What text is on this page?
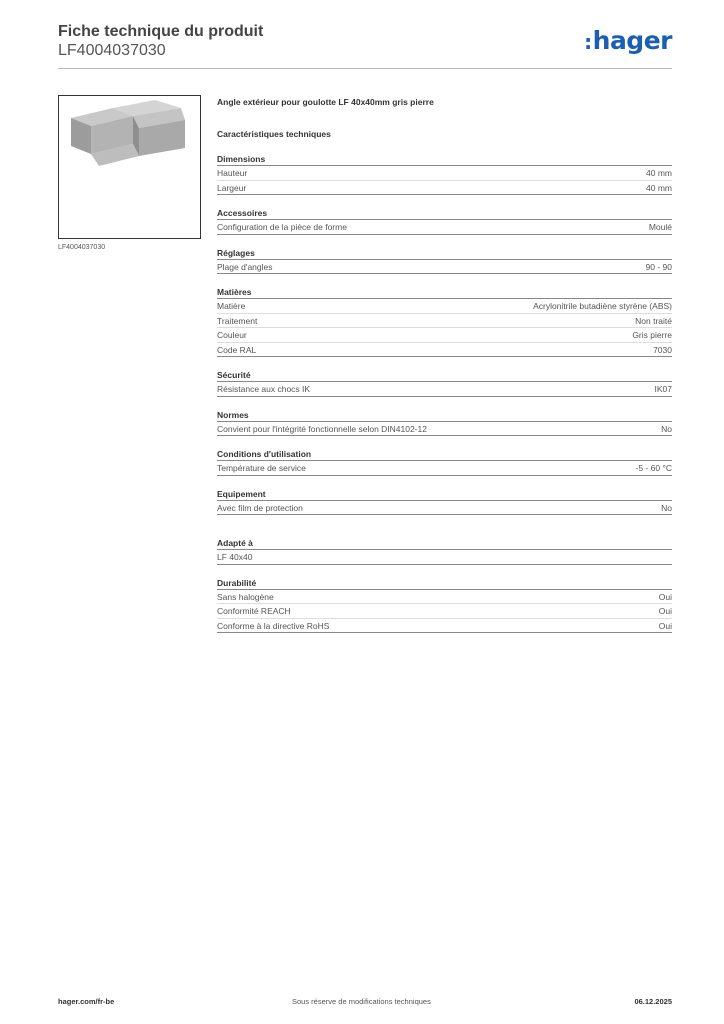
Fiche technique du produit
LF4004037030	:hager
LF4004037030
Angle extérieur pour goulotte LF 40x40mm gris pierre
Caractéristiques techniques
Dimensions
Hauteur	40 mm
Largeur	40 mm
Accessoires
Configuration de la pièce de forme	Moulé
Réglages
Plage d'angles	90 - 90
Matières
Matière	Acrylonitrile butadiène styrène (ABS)
Traitement	Non traité
Couleur	Gris pierre
Code RAL	7030
Sécurité
Résistance aux chocs IK	IK07
Normes
Convient pour l'intégrité fonctionnelle selon DIN4102-12	No
Conditions d'utilisation
Température de service	-5 - 60 °C
Equipement
Avec film de protection	No
Adapté à
LF 40x40
Durabilité
Sans halogène	Oui
Conformité REACH	Oui
Conforme à la directive RoHS	Oui
hager.com/fr-be	Sous réserve de modifications techniques	06.12.2025
